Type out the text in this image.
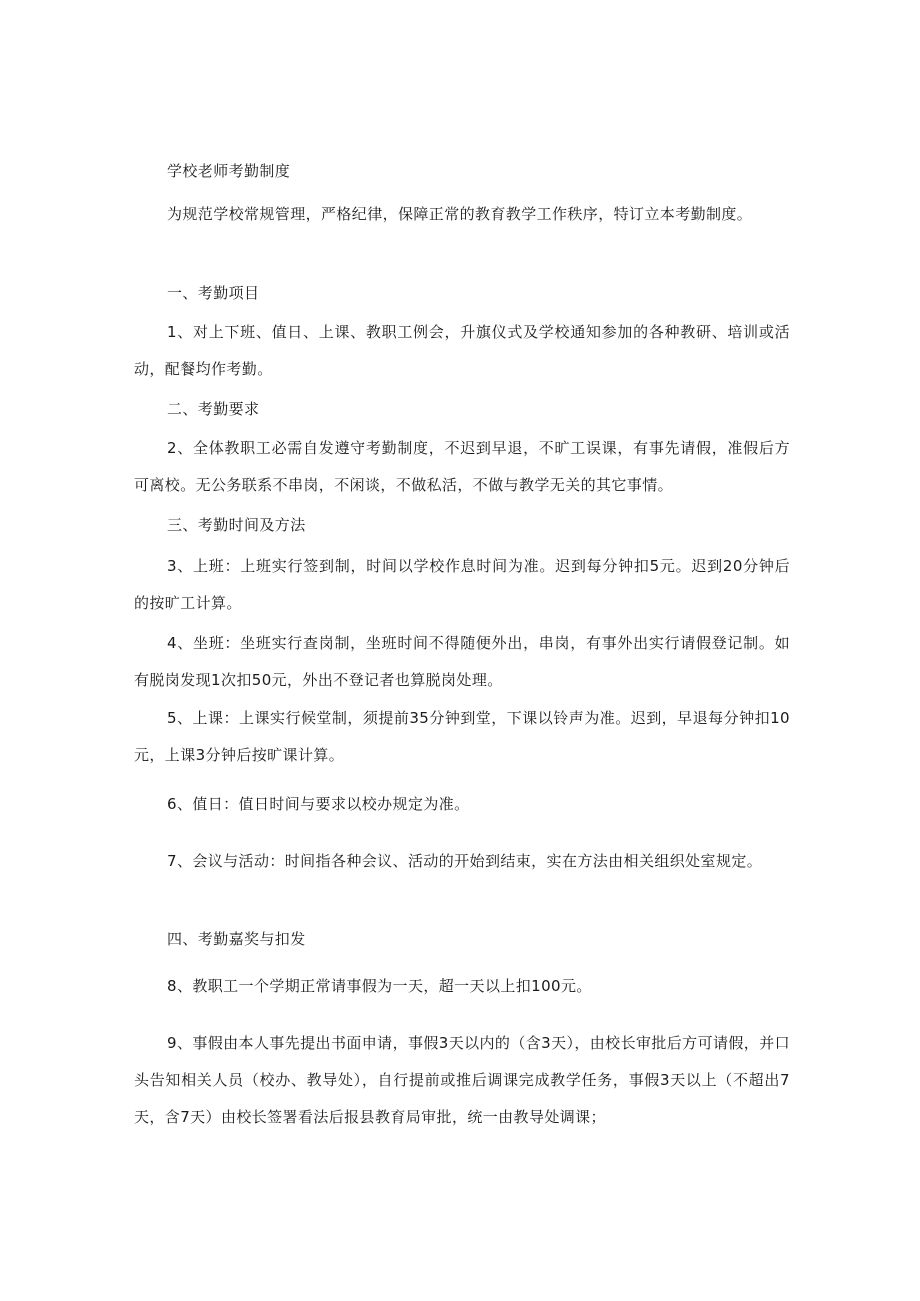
学校老师考勤制度
为规范学校常规管理，严格纪律，保障正常的教育教学工作秩序，特订立本考勤制度。
一、考勤项目
1、对上下班、值日、上课、教职工例会，升旗仪式及学校通知参加的各种教研、培训或活动，配餐均作考勤。
二、考勤要求
2、全体教职工必需自发遵守考勤制度，不迟到早退，不旷工误课，有事先请假，准假后方可离校。无公务联系不串岗，不闲谈，不做私活，不做与教学无关的其它事情。
三、考勤时间及方法
3、上班：上班实行签到制，时间以学校作息时间为准。迟到每分钟扣5元。迟到20分钟后的按旷工计算。
4、坐班：坐班实行查岗制，坐班时间不得随便外出，串岗，有事外出实行请假登记制。如有脱岗发现1次扣50元，外出不登记者也算脱岗处理。
5、上课：上课实行候堂制，须提前35分钟到堂，下课以铃声为准。迟到，早退每分钟扣10元，上课3分钟后按旷课计算。
6、值日：值日时间与要求以校办规定为准。
7、会议与活动：时间指各种会议、活动的开始到结束，实在方法由相关组织处室规定。
四、考勤嘉奖与扣发
8、教职工一个学期正常请事假为一天，超一天以上扣100元。
9、事假由本人事先提出书面申请，事假3天以内的（含3天），由校长审批后方可请假，并口头告知相关人员（校办、教导处），自行提前或推后调课完成教学任务，事假3天以上（不超出7天，含7天）由校长签署看法后报县教育局审批，统一由教导处调课；
